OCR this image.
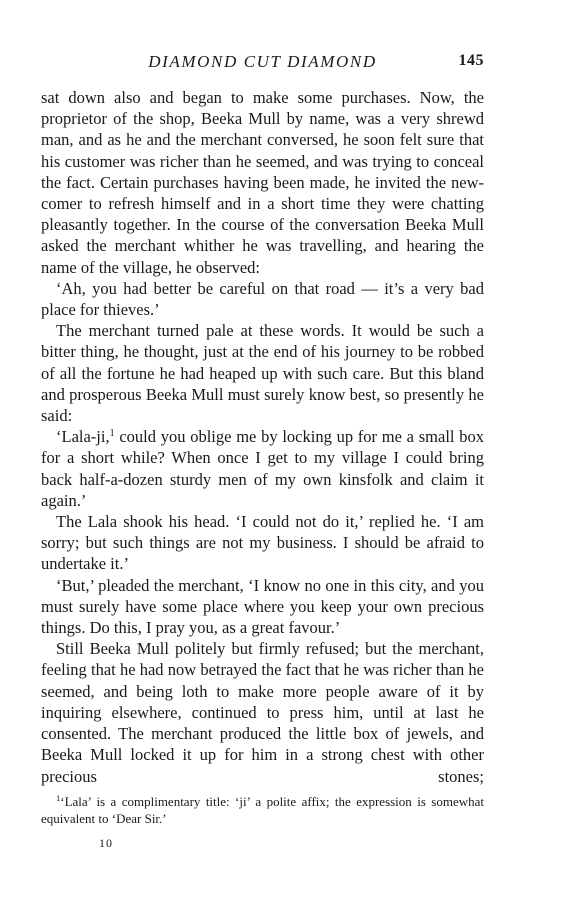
DIAMOND CUT DIAMOND	145

sat down also and began to make some purchases. Now, the proprietor of the shop, Beeka Mull by name, was a very shrewd man, and as he and the merchant conversed, he soon felt sure that his customer was richer than he seemed, and was trying to conceal the fact. Certain purchases having been made, he invited the new-comer to refresh himself and in a short time they were chatting pleasantly together. In the course of the conversation Beeka Mull asked the merchant whither he was travelling, and hearing the name of the village, he observed:

‘Ah, you had better be careful on that road — it’s a very bad place for thieves.’

The merchant turned pale at these words. It would be such a bitter thing, he thought, just at the end of his journey to be robbed of all the fortune he had heaped up with such care. But this bland and prosperous Beeka Mull must surely know best, so presently he said:

‘Lala-ji,$^1$ could you oblige me by locking up for me a small box for a short while? When once I get to my village I could bring back half-a-dozen sturdy men of my own kinsfolk and claim it again.’

The Lala shook his head. ‘I could not do it,’ replied he. ‘I am sorry; but such things are not my business. I should be afraid to undertake it.’

‘But,’ pleaded the merchant, ‘I know no one in this city, and you must surely have some place where you keep your own precious things. Do this, I pray you, as a great favour.’

Still Beeka Mull politely but firmly refused; but the merchant, feeling that he had now betrayed the fact that he was richer than he seemed, and being loth to make more people aware of it by inquiring elsewhere, continued to press him, until at last he consented. The merchant produced the little box of jewels, and Beeka Mull locked it up for him in a strong chest with other precious stones;

$^1$‘Lala’ is a complimentary title: ‘ji’ a polite affix; the expression is somewhat equivalent to ‘Dear Sir.’
10
